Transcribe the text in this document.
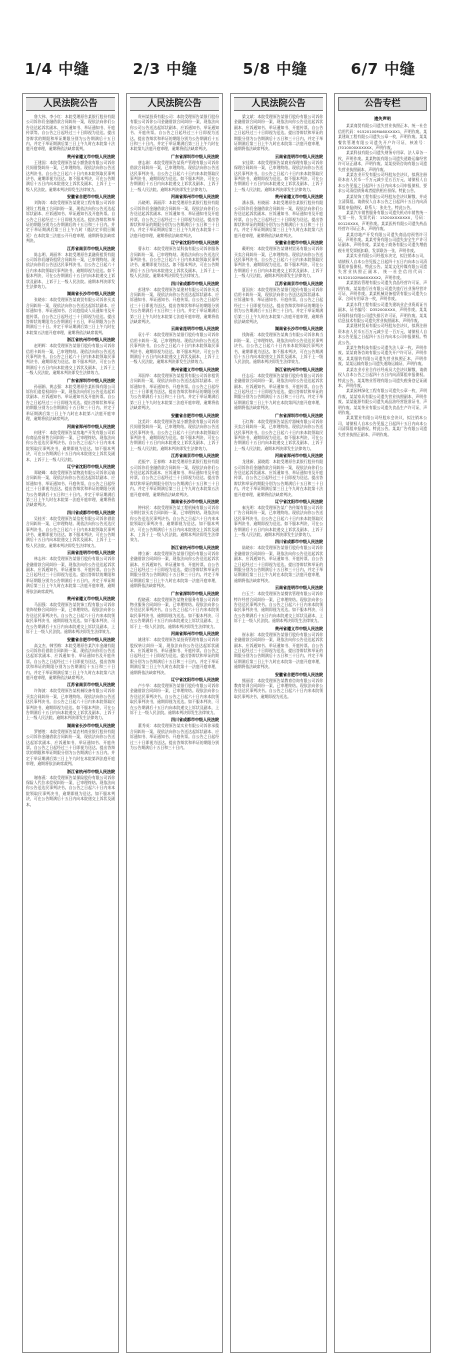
1/4 中缝	2/3 中缝	5/8 中缝	6/7 中缝
人民法院公告

詹大伟、李小红：本院受理原告某银行股份有限公司诉你们金融借款合同纠纷一案，现依法向你们公告送达起诉状副本、应诉通知书、举证通知书、开庭传票等。自公告之日起经过三十日即视为送达。提出答辩状的期限和举证期限分别为公告期满后十五日内。并定于举证期满后第三日上午九时在本院第十法庭开庭审理，逾期将依法缺席裁判。

贵州省遵义市中级人民法院

王建国：本院受理原告某小额贷款有限公司诉你民间借贷纠纷一案，已审理终结。现依法向你公告送达判决书。自公告之日起六十日内来本院领取民事判决书，逾期即视为送达。如不服本判决，可在公告期满后十五日内向本院递交上诉状及副本，上诉于上一级人民法院。逾期本判决即发生法律效力。

安徽省合肥市中级人民法院

刘海涛：本院受理原告某建设工程有限公司诉你建设工程施工合同纠纷一案，现依法向你公告送达起诉状副本、应诉通知书、举证通知书及开庭传票。自公告之日起经过三十日即视为送达。提出答辩状和举证的期限分别为公告期满后的十五日和三十日内。并定于举证期满后第三日上午九时（遇法定节假日顺延）在本院第三法庭公开开庭审理，逾期将依法缺席判决。

江苏省南京市中级人民法院

陈志明、周丽华：本院受理原告某融资租赁有限公司诉你们融资租赁合同纠纷一案，已审理终结。现依法向你们公告送达民事判决书。自公告之日起六十日内来本院领取民事判决书，逾期即视为送达。如不服本判决，可在公告期满后十五日内向本院递交上诉状及副本，上诉于上一级人民法院。逾期本判决即发生法律效力。

湖南省长沙市中级人民法院

张晓东：本院受理原告某商贸有限公司诉你买卖合同纠纷一案，现依法向你公告送达起诉状副本、应诉通知书、举证通知书、合议庭组成人员通知书及开庭传票。自公告之日起经过三十日即视为送达。提出答辩状的期限为公告期满后十五日，举证期限为公告期满后三十日。并定于举证期满后第三日上午九时在本院第五法庭开庭审理，逾期将依法缺席裁判。

浙江省杭州市中级人民法院

赵明辉：本院受理原告某银行股份有限公司诉你信用卡纠纷一案，已审理终结。现依法向你公告送达民事判决书。自公告之日起六十日内来本院领取民事判决书，逾期即视为送达。如不服本判决，可在公告期满后十五日内向本院递交上诉状及副本，上诉于上一级人民法院。逾期本判决即发生法律效力。

广东省深圳市中级人民法院

孙丽娟、黄志强：本院受理原告某担保有限公司诉你们追偿权纠纷一案，现依法向你们公告送达起诉状副本、应诉通知书、举证通知书及开庭传票。自公告之日起经过三十日即视为送达。提出答辩状和举证的期限分别为公告期满后十五日和三十日内。并定于举证期满后第三日上午九时在本院第八法庭开庭审理，逾期将依法缺席判决。

河南省郑州市中级人民法院

何建平：本院受理原告某房地产开发有限公司诉你商品房预售合同纠纷一案，已审理终结。现依法向你公告送达民事判决书。自公告之日起六十日内来本院领取民事判决书，逾期即视为送达。如不服本判决，可在公告期满后十五日内向本院递交上诉状及副本，上诉于上一级人民法院。

辽宁省沈阳市中级人民法院

郑晓峰：本院受理原告某物流有限公司诉你运输合同纠纷一案，现依法向你公告送达起诉状副本、应诉通知书、举证通知书、开庭传票。自公告之日起经过三十日即视为送达。提出答辩状和举证的期限分别为公告期满后十五日和三十日内。并定于举证期满后第三日上午九时在本院第一法庭开庭审理，逾期将依法缺席判决。

四川省成都市中级人民法院

吴桂芳：本院受理原告某信托有限公司诉你借款合同纠纷一案，已审理终结。现依法向你公告送达民事判决书。自公告之日起六十日内来本院领取民事判决书，逾期即视为送达。如不服本判决，可在公告期满后十五日内向本院递交上诉状及副本，上诉于上一级人民法院。逾期本判决即发生法律效力。

云南省昆明市中级人民法院

林志伟：本院受理原告某银行股份有限公司诉你金融借款合同纠纷一案，现依法向你公告送达起诉状副本、应诉通知书、举证通知书、开庭传票。自公告之日起经过三十日即视为送达。提出答辩状的期限和举证期限分别为公告期满后十五日内。并定于举证期满后第三日上午九时在本院第二法庭开庭审理，逾期将依法缺席裁判。

贵州省遵义市中级人民法院

马国强：本院受理原告某装饰工程有限公司诉你装饰装修合同纠纷一案，已审理终结。现依法向你公告送达民事判决书。自公告之日起六十日内来本院领取民事判决书，逾期即视为送达。如不服本判决，可在公告期满后十五日内向本院递交上诉状及副本，上诉于上一级人民法院。逾期本判决即发生法律效力。

安徽省合肥市中级人民法院

高文杰、韩雪梅：本院受理原告某汽车金融有限公司诉你们借款合同纠纷一案，现依法向你们公告送达起诉状副本、应诉通知书、举证通知书及开庭传票。自公告之日起经过三十日即视为送达。提出答辩状和举证的期限分别为公告期满后十五日和三十日内。并定于举证期满后第三日上午九时在本院第六法庭开庭审理，逾期将依法缺席判决。

江苏省南京市中级人民法院

许海波：本院受理原告某机械设备有限公司诉你买卖合同纠纷一案，已审理终结。现依法向你公告送达民事判决书。自公告之日起六十日内来本院领取民事判决书，逾期即视为送达。如不服本判决，可在公告期满后十五日内向本院递交上诉状及副本，上诉于上一级人民法院。逾期本判决即发生法律效力。

湖南省长沙市中级人民法院

罗德胜：本院受理原告某农村商业银行股份有限公司诉你金融借款合同纠纷一案，现依法向你公告送达起诉状副本、应诉通知书、举证通知书、开庭传票。自公告之日起经过三十日即视为送达。提出答辩状的期限和举证期限分别为公告期满后十五日内。并定于举证期满后第三日上午九时在本院第四法庭开庭审理，逾期将依法缺席裁判。

浙江省杭州市中级人民法院

谢春燕：本院受理原告某保险股份有限公司诉你保险人代位求偿权纠纷一案，已审理终结。现依法向你公告送达民事判决书。自公告之日起六十日内来本院领取民事判决书，逾期即视为送达。如不服本判决，可在公告期满后十五日内向本院递交上诉状及副本。

人民法院公告

贵州某投资有限公司：本院受理原告某银行股份有限公司诉你公司金融借款合同纠纷一案，现依法向你公司公告送达起诉状副本、应诉通知书、举证通知书、开庭传票。自公告之日起经过三十日即视为送达。提出答辩状和举证的期限分别为公告期满后十五日和三十日内。并定于举证期满后第三日上午九时在本院第九法庭开庭审理，逾期将依法缺席判决。

广东省深圳市中级人民法院

唐志刚：本院受理原告某资产管理有限公司诉你借款合同纠纷一案，已审理终结。现依法向你公告送达民事判决书。自公告之日起六十日内来本院领取民事判决书，逾期即视为送达。如不服本判决，可在公告期满后十五日内向本院递交上诉状及副本，上诉于上一级人民法院。逾期本判决即发生法律效力。

河南省郑州市中级人民法院

冯晓明、蒋丽萍：本院受理原告某银行股份有限公司诉你们金融借款合同纠纷一案，现依法向你们公告送达起诉状副本、应诉通知书、举证通知书及开庭传票。自公告之日起经过三十日即视为送达。提出答辩状和举证的期限分别为公告期满后十五日和三十日内。并定于举证期满后第三日上午九时在本院第十二法庭开庭审理，逾期将依法缺席判决。

辽宁省沈阳市中级人民法院

曹永红：本院受理原告某科技有限公司诉你服务合同纠纷一案，已审理终结。现依法向你公告送达民事判决书。自公告之日起六十日内来本院领取民事判决书，逾期即视为送达。如不服本判决，可在公告期满后十五日内向本院递交上诉状及副本，上诉于上一级人民法院。逾期本判决即发生法律效力。

四川省成都市中级人民法院

彭建华：本院受理原告某建材有限公司诉你买卖合同纠纷一案，现依法向你公告送达起诉状副本、应诉通知书、举证通知书、开庭传票。自公告之日起经过三十日即视为送达。提出答辩状和举证的期限分别为公告期满后十五日和三十日内。并定于举证期满后第三日上午九时在本院第七法庭开庭审理，逾期将依法缺席判决。

云南省昆明市中级人民法院

袁小平：本院受理原告某银行股份有限公司诉你信用卡纠纷一案，已审理终结。现依法向你公告送达民事判决书。自公告之日起六十日内来本院领取民事判决书，逾期即视为送达。如不服本判决，可在公告期满后十五日内向本院递交上诉状及副本，上诉于上一级人民法院。逾期本判决即发生法律效力。

贵州省遵义市中级人民法院

邓国华：本院受理原告某租赁有限公司诉你租赁合同纠纷一案，现依法向你公告送达起诉状副本、应诉通知书、举证通知书、开庭传票。自公告之日起经过三十日即视为送达。提出答辩状和举证的期限分别为公告期满后十五日和三十日内。并定于举证期满后第三日上午九时在本院第三法庭开庭审理，逾期将依法缺席判决。

安徽省合肥市中级人民法院

沈美玲：本院受理原告某小额贷款有限公司诉你民间借贷纠纷一案，已审理终结。现依法向你公告送达民事判决书。自公告之日起六十日内来本院领取民事判决书，逾期即视为送达。如不服本判决，可在公告期满后十五日内向本院递交上诉状及副本，上诉于上一级人民法院。逾期本判决即发生法律效力。

江苏省南京市中级人民法院

范振宇、汪春梅：本院受理原告某银行股份有限公司诉你们金融借款合同纠纷一案，现依法向你们公告送达起诉状副本、应诉通知书、举证通知书及开庭传票。自公告之日起经过三十日即视为送达。提出答辩状和举证的期限分别为公告期满后十五日和三十日内。并定于举证期满后第三日上午九时在本院第五法庭开庭审理，逾期将依法缺席判决。

湖南省长沙市中级人民法院

钟伟民：本院受理原告某工程机械有限公司诉你分期付款买卖合同纠纷一案，已审理终结。现依法向你公告送达民事判决书。自公告之日起六十日内来本院领取民事判决书，逾期即视为送达。如不服本判决，可在公告期满后十五日内向本院递交上诉状及副本，上诉于上一级人民法院。逾期本判决即发生法律效力。

浙江省杭州市中级人民法院

傅立新：本院受理原告某银行股份有限公司诉你金融借款合同纠纷一案，现依法向你公告送达起诉状副本、应诉通知书、举证通知书、开庭传票。自公告之日起经过三十日即视为送达。提出答辩状和举证的期限分别为公告期满后十五日和三十日内。并定于举证期满后第三日上午九时在本院第一法庭开庭审理，逾期将依法缺席判决。

广东省深圳市中级人民法院

程晓燕：本院受理原告某物业服务有限公司诉你物业服务合同纠纷一案，已审理终结。现依法向你公告送达民事判决书。自公告之日起六十日内来本院领取民事判决书，逾期即视为送达。如不服本判决，可在公告期满后十五日内向本院递交上诉状及副本，上诉于上一级人民法院。逾期本判决即发生法律效力。

河南省郑州市中级人民法院

姚建军：本院受理原告某投资管理有限公司诉你股权转让纠纷一案，现依法向你公告送达起诉状副本、应诉通知书、举证通知书、开庭传票。自公告之日起经过三十日即视为送达。提出答辩状和举证的期限分别为公告期满后十五日和三十日内。并定于举证期满后第三日上午九时在本院第十一法庭开庭审理，逾期将依法缺席判决。

辽宁省沈阳市中级人民法院

卢少华：本院受理原告某银行股份有限公司诉你金融借款合同纠纷一案，已审理终结。现依法向你公告送达民事判决书。自公告之日起六十日内来本院领取民事判决书，逾期即视为送达。如不服本判决，可在公告期满后十五日内向本院递交上诉状及副本，上诉于上一级人民法院。逾期本判决即发生法律效力。

四川省成都市中级人民法院

董秀英：本院受理原告某实业有限公司诉你承揽合同纠纷一案，现依法向你公告送达起诉状副本、应诉通知书、举证通知书、开庭传票。自公告之日起经过三十日即视为送达。提出答辩状和举证的期限分别为公告期满后十五日和三十日内。

人民法院公告

梁文斌：本院受理原告某银行股份有限公司诉你金融借款合同纠纷一案，现依法向你公告送达起诉状副本、应诉通知书、举证通知书、开庭传票。自公告之日起经过三十日即视为送达。提出答辩状和举证的期限分别为公告期满后十五日和三十日内。并定于举证期满后第三日上午九时在本院第二法庭开庭审理，逾期将依法缺席判决。

云南省昆明市中级人民法院

宋佳琪：本院受理原告某商业保理有限公司诉你保理合同纠纷一案，已审理终结。现依法向你公告送达民事判决书。自公告之日起六十日内来本院领取民事判决书，逾期即视为送达。如不服本判决，可在公告期满后十五日内向本院递交上诉状及副本，上诉于上一级人民法院。逾期本判决即发生法律效力。

贵州省遵义市中级人民法院

潘永强、杜晓丽：本院受理原告某银行股份有限公司诉你们金融借款合同纠纷一案，现依法向你们公告送达起诉状副本、应诉通知书、举证通知书及开庭传票。自公告之日起经过三十日即视为送达。提出答辩状和举证的期限分别为公告期满后十五日和三十日内。并定于举证期满后第三日上午九时在本院第六法庭开庭审理，逾期将依法缺席判决。

安徽省合肥市中级人民法院

戴明亮：本院受理原告某钢材贸易有限公司诉你买卖合同纠纷一案，已审理终结。现依法向你公告送达民事判决书。自公告之日起六十日内来本院领取民事判决书，逾期即视为送达。如不服本判决，可在公告期满后十五日内向本院递交上诉状及副本，上诉于上一级人民法院。逾期本判决即发生法律效力。

江苏省南京市中级人民法院

夏国庆：本院受理原告某银行股份有限公司诉你信用卡纠纷一案，现依法向你公告送达起诉状副本、应诉通知书、举证通知书、开庭传票。自公告之日起经过三十日即视为送达。提出答辩状和举证的期限分别为公告期满后十五日和三十日内。并定于举证期满后第三日上午九时在本院第八法庭开庭审理，逾期将依法缺席判决。

湖南省长沙市中级人民法院

钱海燕：本院受理原告某典当有限公司诉你典当纠纷一案，已审理终结。现依法向你公告送达民事判决书。自公告之日起六十日内来本院领取民事判决书，逾期即视为送达。如不服本判决，可在公告期满后十五日内向本院递交上诉状及副本，上诉于上一级人民法院。逾期本判决即发生法律效力。

浙江省杭州市中级人民法院

任志远：本院受理原告某银行股份有限公司诉你金融借款合同纠纷一案，现依法向你公告送达起诉状副本、应诉通知书、举证通知书、开庭传票。自公告之日起经过三十日即视为送达。提出答辩状和举证的期限分别为公告期满后十五日和三十日内。并定于举证期满后第三日上午九时在本院第四法庭开庭审理，逾期将依法缺席判决。

广东省深圳市中级人民法院

石红梅：本院受理原告某医疗器械有限公司诉你买卖合同纠纷一案，已审理终结。现依法向你公告送达民事判决书。自公告之日起六十日内来本院领取民事判决书，逾期即视为送达。如不服本判决，可在公告期满后十五日内向本院递交上诉状及副本，上诉于上一级人民法院。逾期本判决即发生法律效力。

河南省郑州市中级人民法院

龙建新、邱晓霞：本院受理原告某银行股份有限公司诉你们金融借款合同纠纷一案，现依法向你们公告送达起诉状副本、应诉通知书、举证通知书及开庭传票。自公告之日起经过三十日即视为送达。提出答辩状和举证的期限分别为公告期满后十五日和三十日内。并定于举证期满后第三日上午九时在本院第十法庭开庭审理，逾期将依法缺席判决。

辽宁省沈阳市中级人民法院

秦光明：本院受理原告某广告传媒有限公司诉你广告合同纠纷一案，已审理终结。现依法向你公告送达民事判决书。自公告之日起六十日内来本院领取民事判决书，逾期即视为送达。如不服本判决，可在公告期满后十五日内向本院递交上诉状及副本，上诉于上一级人民法院。逾期本判决即发生法律效力。

四川省成都市中级人民法院

陆晓东：本院受理原告某银行股份有限公司诉你金融借款合同纠纷一案，现依法向你公告送达起诉状副本、应诉通知书、举证通知书、开庭传票。自公告之日起经过三十日即视为送达。提出答辩状和举证的期限分别为公告期满后十五日和三十日内。并定于举证期满后第三日上午九时在本院第三法庭开庭审理，逾期将依法缺席判决。

云南省昆明市中级人民法院

白玉兰：本院受理原告某餐饮管理有限公司诉你特许经营合同纠纷一案，已审理终结。现依法向你公告送达民事判决书。自公告之日起六十日内来本院领取民事判决书，逾期即视为送达。如不服本判决，可在公告期满后十五日内向本院递交上诉状及副本，上诉于上一级人民法院。逾期本判决即发生法律效力。

贵州省遵义市中级人民法院

崔永刚：本院受理原告某银行股份有限公司诉你金融借款合同纠纷一案，现依法向你公告送达起诉状副本、应诉通知书、举证通知书、开庭传票。自公告之日起经过三十日即视为送达。提出答辩状和举证的期限分别为公告期满后十五日和三十日内。并定于举证期满后第三日上午九时在本院第一法庭开庭审理，逾期将依法缺席判决。

安徽省合肥市中级人民法院

熊丽君：本院受理原告某教育咨询有限公司诉你教育培训合同纠纷一案，已审理终结。现依法向你公告送达民事判决书。自公告之日起六十日内来本院领取民事判决书，逾期即视为送达。

公告专栏
遗失声明

某某商贸有限公司遗失营业执照正本，统一社会信用代码：91520100MA6XXXXX1，声明作废。某某建筑工程有限公司遗失公章一枚，声明作废。某某餐饮管理有限公司遗失开户许可证，核准号：J7010000XXXXXX，声明作废。

某某科技有限公司遗失财务专用章、法人章各一枚，声明作废。某某物流有限公司遗失道路运输经营许可证正副本，声明作废。某某投资咨询有限公司遗失营业执照副本，声明作废。

某某农业开发有限公司经股东会决议，拟将注册资本由人民币一千万元减少至五百万元，请债权人自本公告见报之日起四十五日内向本公司申报债权，要求公司清偿债务或者提供相应担保。特此公告。

某某装饰工程有限公司经股东会决议解散，并成立清算组。请债权人自本公告之日起四十五日内向清算组申报债权。联系人：张先生。特此公告。

某某汽车销售服务有限公司遗失机动车销售统一发票一份，发票代码：15200XXXXXXX，号码：0012XXXX，声明作废。某某医药有限公司遗失药品经营许可证正本，声明作废。

某某房地产开发有限公司遗失商品房预售许可证，声明作废。某某劳务有限公司遗失安全生产许可证副本，声明作废。某某电子商务有限公司遗失增值税专用发票抵扣联、发票联各一张，声明作废。

某某实业有限公司经股东决定，拟注销本公司，请债权人自本公告见报之日起四十五日内向本公司清算组申报债权。特此公告。某某文化传媒有限公司遗失营业执照正副本，统一社会信用代码：91520102MA6XXXXX2，声明作废。

某某酒店管理有限公司遗失食品经营许可证，声明作废。某某旅行社有限公司遗失旅行社业务经营许可证，声明作废。某某机械设备租赁有限公司遗失公章、合同专用章各一枚，声明作废。

某某水利工程有限公司遗失建筑业企业资质证书副本，证书编号：D35200XXXX，声明作废。某某环保科技有限公司遗失排污许可证，声明作废。某某信息技术有限公司遗失营业执照副本，声明作废。

某某建材贸易有限公司经股东会决议，拟将注册资本由人民币五百万元减少至一百万元，请债权人自本公告见报之日起四十五日内向本公司申报债权。特此公告。

某某生物科技有限公司遗失法人章一枚，声明作废。某某商务咨询有限公司遗失开户许可证，声明作废。某某服装有限公司遗失营业执照正本，声明作废。某某运输有限公司遗失道路运输证，声明作废。

某某农业专业合作社经成员大会决议解散，请债权人自本公告之日起四十五日内向清算组申报债权。特此公告。某某物业管理有限公司遗失税务登记证副本，声明作废。

某某园林绿化工程有限公司遗失公章一枚，声明作废。某某家具有限公司遗失营业执照副本，声明作废。某某能源有限公司遗失成品油经营批准证书，声明作废。某某茶业有限公司遗失食品生产许可证，声明作废。

某某置业有限公司经股东会决议，拟注销本公司，请债权人自本公告见报之日起四十五日内向本公司清算组申报债权。特此公告。某某广告有限公司遗失营业执照正副本，声明作废。
